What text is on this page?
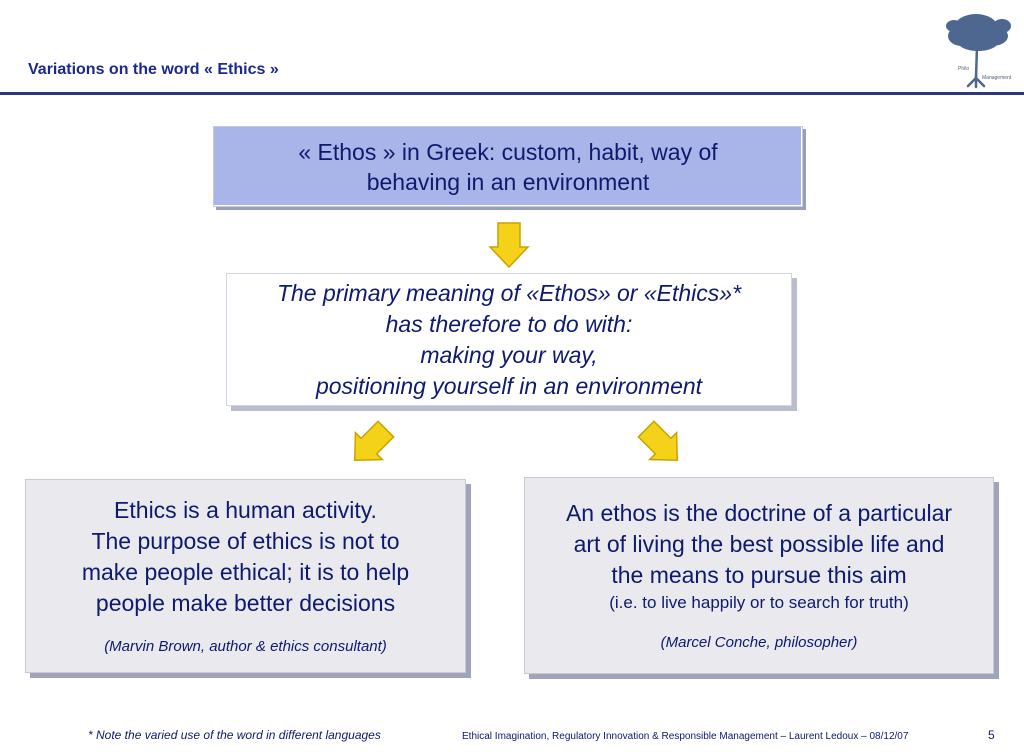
Variations on the word « Ethics »	Philo
Management
« Ethos » in Greek: custom, habit, way of
behaving in an environment
The primary meaning of «Ethos» or «Ethics»*
has therefore to do with:
making your way,
positioning yourself in an environment
Ethics is a human activity.
The purpose of ethics is not to
make people ethical; it is to help
people make better decisions
(Marvin Brown, author & ethics consultant)
An ethos is the doctrine of a particular
art of living the best possible life and
the means to pursue this aim
(i.e. to live happily or to search for truth)
(Marcel Conche, philosopher)
* Note the varied use of the word in different languages	Ethical Imagination, Regulatory Innovation & Responsible Management – Laurent Ledoux – 08/12/07	5
